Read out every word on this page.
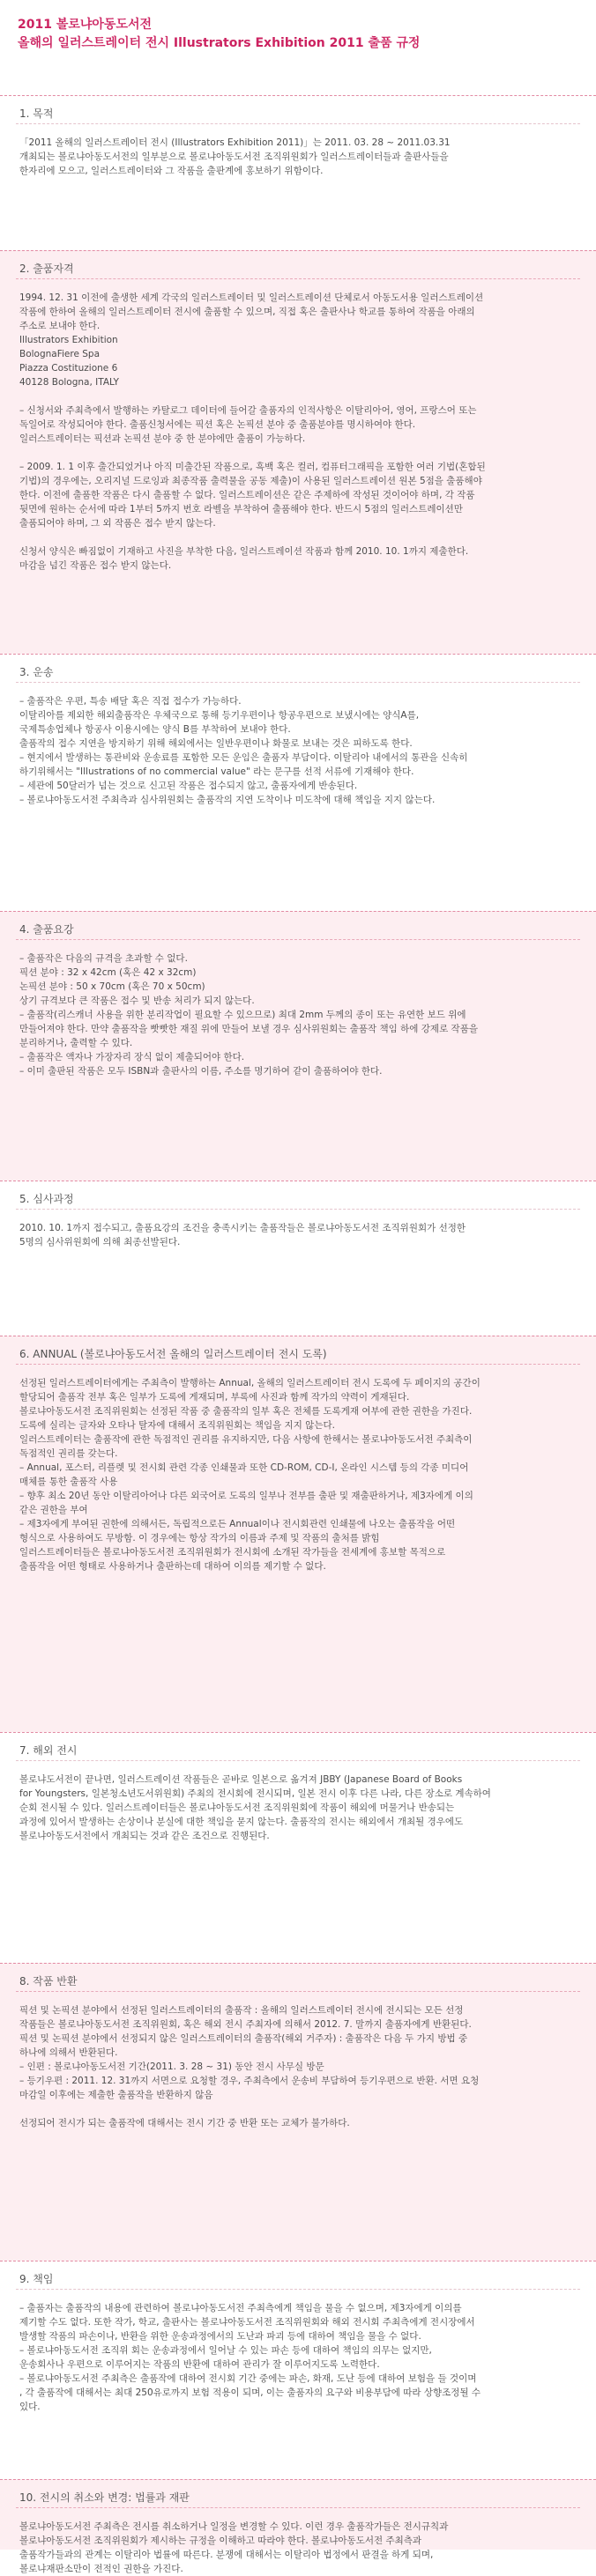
2011 볼로냐아동도서전
올해의 일러스트레이터 전시 Illustrators Exhibition 2011 출품 규정
1. 목적

「2011 올해의 일러스트레이터 전시 (Illustrators Exhibition 2011)」는 2011. 03. 28 ~ 2011.03.31

개최되는 볼로냐아동도서전의 일부분으로 볼로냐아동도서전 조직위원회가 일러스트레이터들과 출판사들을

한자리에 모으고, 일러스트레이터와 그 작품을 출판계에 홍보하기 위함이다.

2. 출품자격

1994. 12. 31 이전에 출생한 세계 각국의 일러스트레이터 및 일러스트레이션 단체로서 아동도서용 일러스트레이션

작품에 한하여 올해의 일러스트레이터 전시에 출품할 수 있으며, 직접 혹은 출판사나 학교를 통하여 작품을 아래의

주소로 보내야 한다.

Illustrators Exhibition

BolognaFiere Spa

Piazza Costituzione 6

40128 Bologna, ITALY

– 신청서와 주최측에서 발행하는 카탈로그 데이터에 들어갈 출품자의 인적사항은 이탈리아어, 영어, 프랑스어 또는

독일어로 작성되어야 한다. 출품신청서에는 픽션 혹은 논픽션 분야 중 출품분야를 명시하여야 한다.

일러스트레이터는 픽션과 논픽션 분야 중 한 분야에만 출품이 가능하다.

– 2009. 1. 1 이후 출간되었거나 아직 미출간된 작품으로, 흑백 혹은 컬러, 컴퓨터그래픽을 포함한 여러 기법(혼합된

기법)의 경우에는, 오리지널 드로잉과 최종작품 출력물을 공동 제출)이 사용된 일러스트레이션 원본 5점을 출품해야

한다. 이전에 출품한 작품은 다시 출품할 수 없다. 일러스트레이션은 같은 주제하에 작성된 것이어야 하며, 각 작품

뒷면에 원하는 순서에 따라 1부터 5까지 번호 라벨을 부착하여 출품해야 한다. 반드시 5점의 일러스트레이션만

출품되어야 하며, 그 외 작품은 접수 받지 않는다.

신청서 양식은 빠짐없이 기재하고 사진을 부착한 다음, 일러스트레이션 작품과 함께 2010. 10. 1까지 제출한다.

마감을 넘긴 작품은 접수 받지 않는다.

3. 운송

– 출품작은 우편, 특송 배달 혹은 직접 접수가 가능하다.

이탈리아를 제외한 해외출품작은 우체국으로 통해 등기우편이나 항공우편으로 보냈시에는 양식A를,

국제특송업체나 항공사 이용시에는 양식 B를 부착하여 보내야 한다.

출품작의 접수 지연을 방지하기 위해 해외에서는 일반우편이나 화물로 보내는 것은 피하도록 한다.

– 현지에서 발생하는 통관비와 운송료를 포함한 모든 운임은 출품자 부담이다. 이탈리아 내에서의 통관을 신속히

하기위해서는 "Illustrations of no commercial value" 라는 문구를 선적 서류에 기재해야 한다.

– 세관에 50달러가 넘는 것으로 신고된 작품은 접수되지 않고, 출품자에게 반송된다.

– 볼로냐아동도서전 주최측과 심사위원회는 출품작의 지연 도착이나 미도착에 대해 책임을 지지 않는다.

4. 출품요강

– 출품작은 다음의 규격을 초과할 수 없다.

픽션 분야 : 32 x 42cm (혹은 42 x 32cm)

논픽션 분야 : 50 x 70cm (혹은 70 x 50cm)

상기 규격보다 큰 작품은 접수 및 반송 처리가 되지 않는다.

– 출품작(리스캐너 사용을 위한 분리작업이 필요할 수 있으므로) 최대 2mm 두께의 종이 또는 유연한 보드 위에

만들어져야 한다. 만약 출품작을 빳빳한 재질 위에 만들어 보낼 경우 심사위원회는 출품작 책임 하에 강제로 작품을

분리하거나, 출력할 수 있다.

– 출품작은 액자나 가장자리 장식 없이 제출되어야 한다.

– 이미 출판된 작품은 모두 ISBN과 출판사의 이름, 주소를 명기하여 같이 출품하여야 한다.

5. 심사과정

2010. 10. 1까지 접수되고, 출품요강의 조건을 충족시키는 출품작들은 볼로냐아동도서전 조직위원회가 선정한

5명의 심사위원회에 의해 최종선발된다.

6. ANNUAL (볼로냐아동도서전 올해의 일러스트레이터 전시 도록)

선정된 일러스트레이터에게는 주최측이 발행하는 Annual, 올해의 일러스트레이터 전시 도록에 두 페이지의 공간이

할당되어 출품작 전부 혹은 일부가 도록에 게재되며, 부록에 사진과 함께 작가의 약력이 게재된다.

볼로냐아동도서전 조직위원회는 선정된 작품 중 출품작의 일부 혹은 전체를 도록게재 여부에 관한 권한을 가진다.

도록에 실리는 글자와 오타나 탈자에 대해서 조직위원회는 책임을 지지 않는다.

일러스트레이터는 출품작에 관한 독점적인 권리를 유지하지만, 다음 사항에 한해서는 볼로냐아동도서전 주최측이

독점적인 권리를 갖는다.

– Annual, 포스터, 리플렛 및 전시회 관련 각종 인쇄물과 또한 CD-ROM, CD-I, 온라인 시스템 등의 각종 미디어

매체를 통한 출품작 사용

– 향후 최소 20년 동안 이탈리아어나 다른 외국어로 도록의 일부나 전부를 출판 및 재출판하거나, 제3자에게 이의

같은 권한을 부여

– 제3자에게 부여된 권한에 의해서든, 독립적으로든 Annual이나 전시회관련 인쇄물에 나오는 출품작을 어떤

형식으로 사용하여도 무방함. 이 경우에는 항상 작가의 이름과 주제 및 작품의 출처를 밝힘

일러스트레이터들은 볼로냐아동도서전 조직위원회가 전시회에 소개된 작가들을 전세계에 홍보할 목적으로

출품작을 어떤 형태로 사용하거나 출판하는데 대하여 이의를 제기할 수 없다.

7. 해외 전시

볼로냐도서전이 끝나면, 일러스트레이션 작품들은 곧바로 일본으로 옮겨져 JBBY (Japanese Board of Books

for Youngsters, 일본청소년도서위원회) 주최의 전시회에 전시되며, 일본 전시 이후 다른 나라, 다른 장소로 계속하여

순회 전시될 수 있다. 일러스트레이터들은 볼로냐아동도서전 조직위원회에 작품이 해외에 머물거나 반송되는

과정에 있어서 발생하는 손상이나 분실에 대한 책임을 묻지 않는다. 출품작의 전시는 해외에서 개최될 경우에도

볼로냐아동도서전에서 개최되는 것과 같은 조건으로 진행된다.

8. 작품 반환

픽션 및 논픽션 분야에서 선정된 일러스트레이터의 출품작 : 올해의 일러스트레이터 전시에 전시되는 모든 선정

작품들은 볼로냐아동도서전 조직위원회, 혹은 해외 전시 주최자에 의해서 2012. 7. 말까지 출품자에게 반환된다.

픽션 및 논픽션 분야에서 선정되지 않은 일러스트레이터의 출품작(해외 거주자) : 출품작은 다음 두 가지 방법 중

하나에 의해서 반환된다.

– 인편 : 볼로냐아동도서전 기간(2011. 3. 28 ~ 31) 동안 전시 사무실 방문

– 등기우편 : 2011. 12. 31까지 서면으로 요청할 경우, 주최측에서 운송비 부담하여 등기우편으로 반환. 서면 요청

마감일 이후에는 제출한 출품작을 반환하지 않음

선정되어 전시가 되는 출품작에 대해서는 전시 기간 중 반환 또는 교체가 불가하다.

9. 책임

– 출품자는 출품작의 내용에 관련하여 볼로냐아동도서전 주최측에게 책임을 물을 수 없으며, 제3자에게 이의를

제기할 수도 없다. 또한 작가, 학교, 출판사는 볼로냐아동도서전 조직위원회와 해외 전시회 주최측에게 전시장에서

발생할 작품의 파손이나, 반환을 위한 운송과정에서의 도난과 파괴 등에 대하여 책임을 물을 수 없다.

– 볼로냐아동도서전 조직위 회는 운송과정에서 일어날 수 있는 파손 등에 대하여 책임의 의무는 없지만,

운송회사나 우편으로 이루어지는 작품의 반환에 대하여 관리가 잘 이루어지도록 노력한다.

– 볼로냐아동도서전 주최측은 출품작에 대하여 전시회 기간 중에는 파손, 화재, 도난 등에 대하여 보험을 들 것이며

, 각 출품작에 대해서는 최대 250유로까지 보험 적용이 되며, 이는 출품자의 요구와 비용부담에 따라 상향조정될 수

있다.

10. 전시의 취소와 변경: 법률과 재판

볼로냐아동도서전 주최측은 전시를 취소하거나 일정을 변경할 수 있다. 이런 경우 출품작가들은 전시규칙과

볼로냐아동도서전 조직위원회가 제시하는 규정을 이해하고 따라야 한다. 볼로냐아동도서전 주최측과

출품작가들과의 관계는 이탈리아 법률에 따른다. 분쟁에 대해서는 이탈리아 법정에서 판결을 하게 되며,

볼로냐재판소만이 전적인 권한을 가진다.
